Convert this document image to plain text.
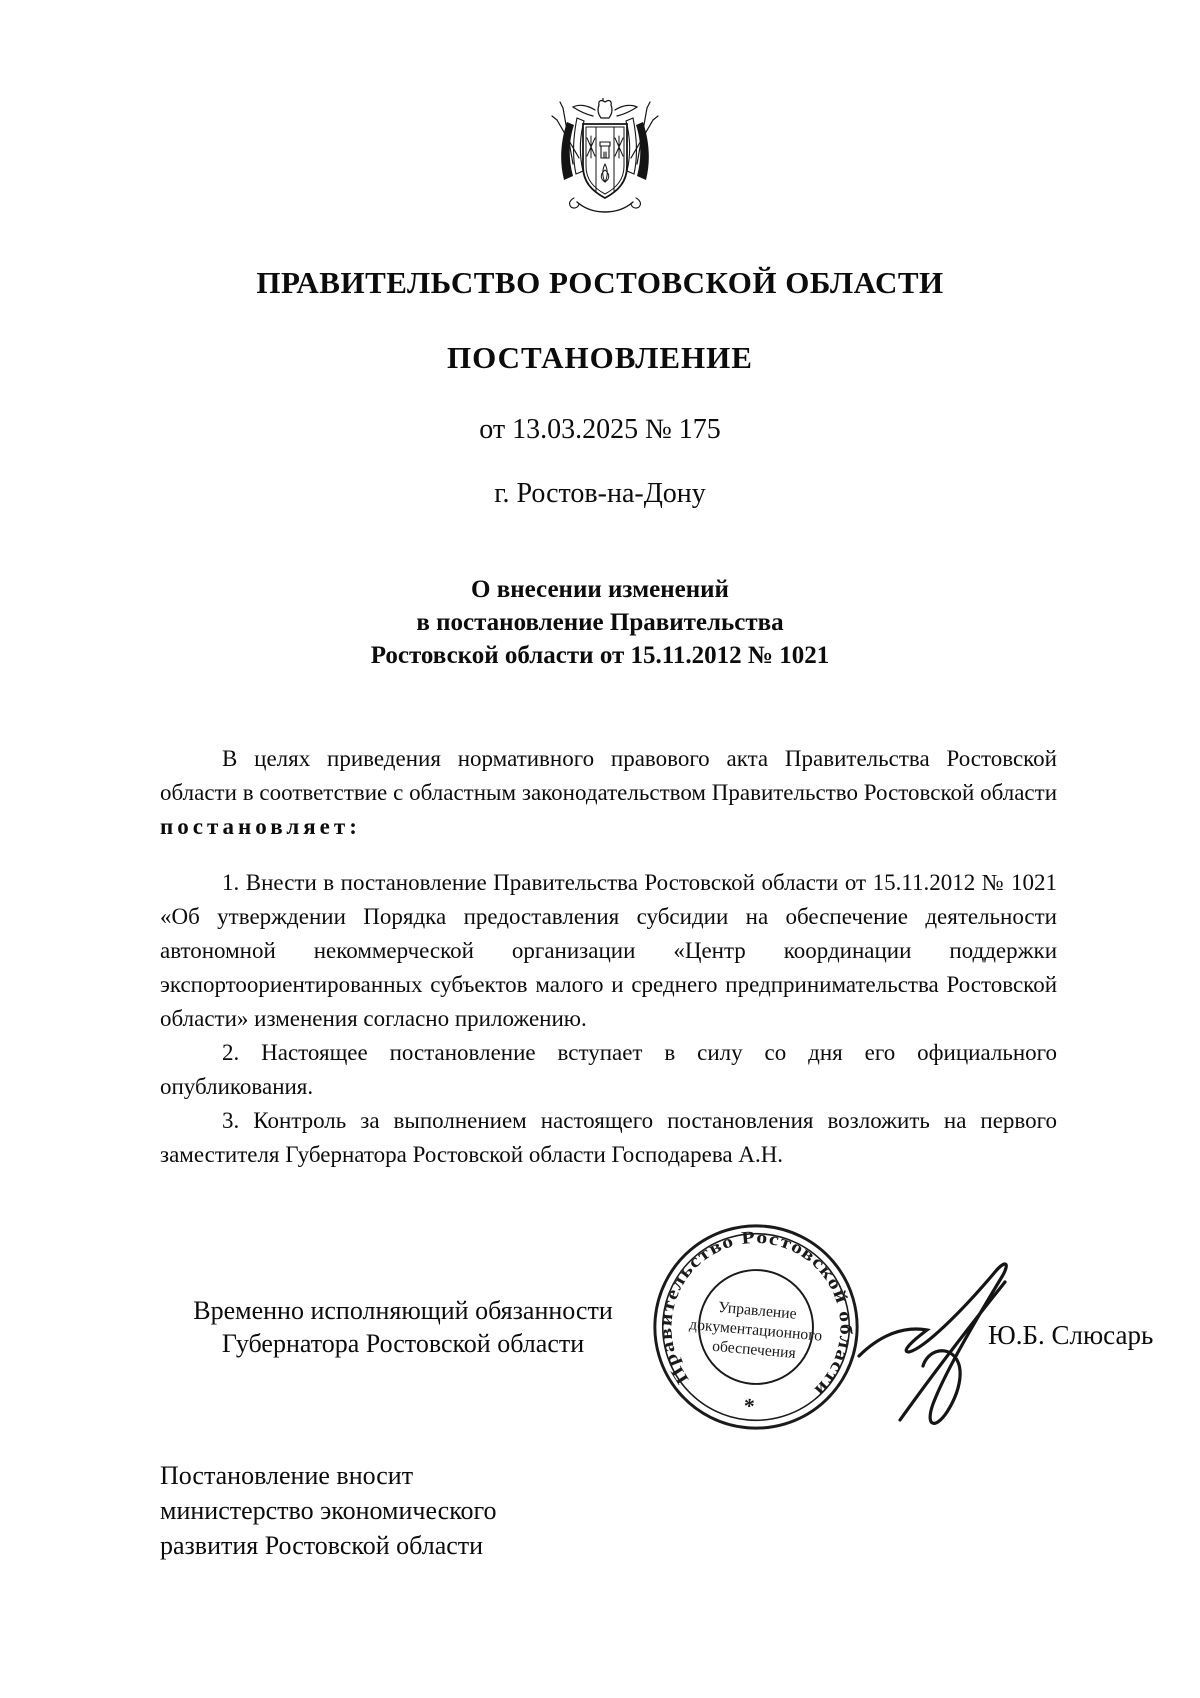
ПРАВИТЕЛЬСТВО РОСТОВСКОЙ ОБЛАСТИ
ПОСТАНОВЛЕНИЕ
от 13.03.2025 № 175
г. Ростов-на-Дону
О внесении изменений
в постановление Правительства
Ростовской области от 15.11.2012 № 1021

В целях приведения нормативного правового акта Правительства Ростовской области в соответствие с областным законодательством Правительство Ростовской области постановляет:

1. Внести в постановление Правительства Ростовской области от 15.11.2012 № 1021 «Об утверждении Порядка предоставления субсидии на обеспечение деятельности автономной некоммерческой организации «Центр координации поддержки экспортоориентированных субъектов малого и среднего предпринимательства Ростовской области» изменения согласно приложению.

2. Настоящее постановление вступает в силу со дня его официального опубликования.

3. Контроль за выполнением настоящего постановления возложить на первого заместителя Губернатора Ростовской области Господарева А.Н.

Временно исполняющий обязанности
Губернатора Ростовской области
Правительство Ростовской области
Управление
документационного
обеспечения
*
Ю.Б. Слюсарь
Постановление вносит
министерство экономического
развития Ростовской области
